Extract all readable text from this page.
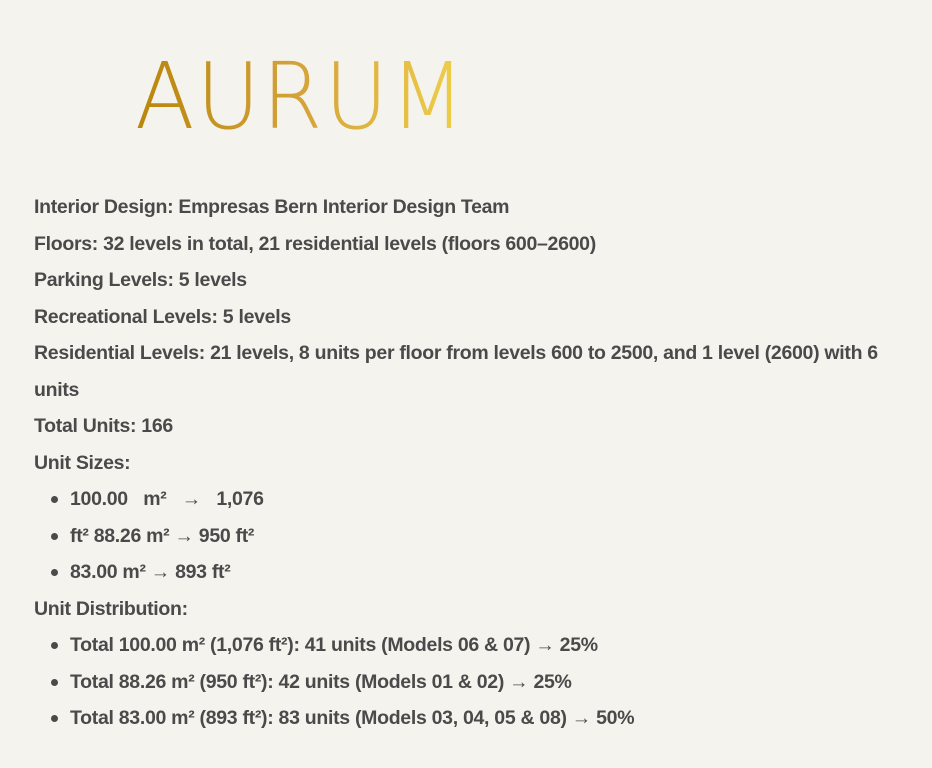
AURUM

Interior Design: Empresas Bern Interior Design Team

Floors: 32 levels in total, 21 residential levels (floors 600–2600)

Parking Levels: 5 levels

Recreational Levels: 5 levels

Residential Levels: 21 levels, 8 units per floor from levels 600 to 2500, and 1 level (2600) with 6 units

Total Units: 166

Unit Sizes:

100.00   m²   →   1,076
ft² 88.26 m² → 950 ft²
83.00 m² → 893 ft²

Unit Distribution:

Total 100.00 m² (1,076 ft²): 41 units (Models 06 & 07) → 25%
Total 88.26 m² (950 ft²): 42 units (Models 01 & 02) → 25%
Total 83.00 m² (893 ft²): 83 units (Models 03, 04, 05 & 08) → 50%
